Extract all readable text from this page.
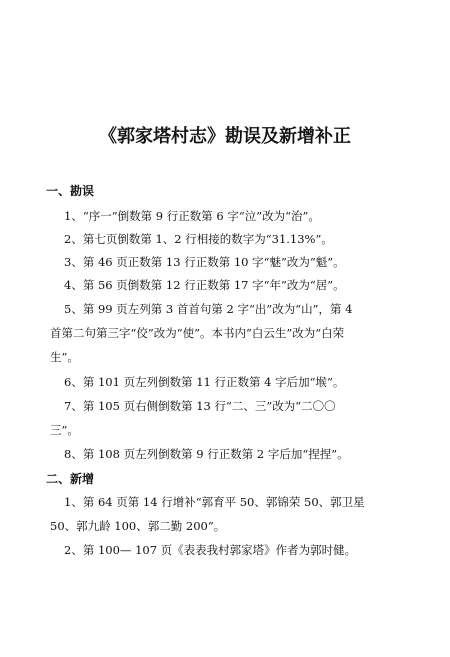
《郭家塔村志》勘误及新增补正
一、勘误
1、“序一”倒数第 9 行正数第 6 字“泣”改为“治”。
2、第七页倒数第 1、2 行相接的数字为“31.13%”。
3、第 46 页正数第 13 行正数第 10 字“魅”改为“魁”。
4、第 56 页倒数第 12 行正数第 17 字“年”改为“居”。
5、第 99 页左列第 3 首首句第 2 字“出”改为“山”，第 4
首第二句第三字“佼”改为“使”。本书内“白云生”改为“白荣
生”。
6、第 101 页左列倒数第 11 行正数第 4 字后加“堠”。
7、第 105 页右侧倒数第 13 行“二、三”改为“二〇〇
三”。
8、第 108 页左列倒数第 9 行正数第 2 字后加“捏捏”。
二、新增
1、第 64 页第 14 行增补“郭育平 50、郭锦荣 50、郭卫星
50、郭九龄 100、郭二勤 200”。
2、第 100— 107 页《表表我村郭家塔》作者为郭时健。
